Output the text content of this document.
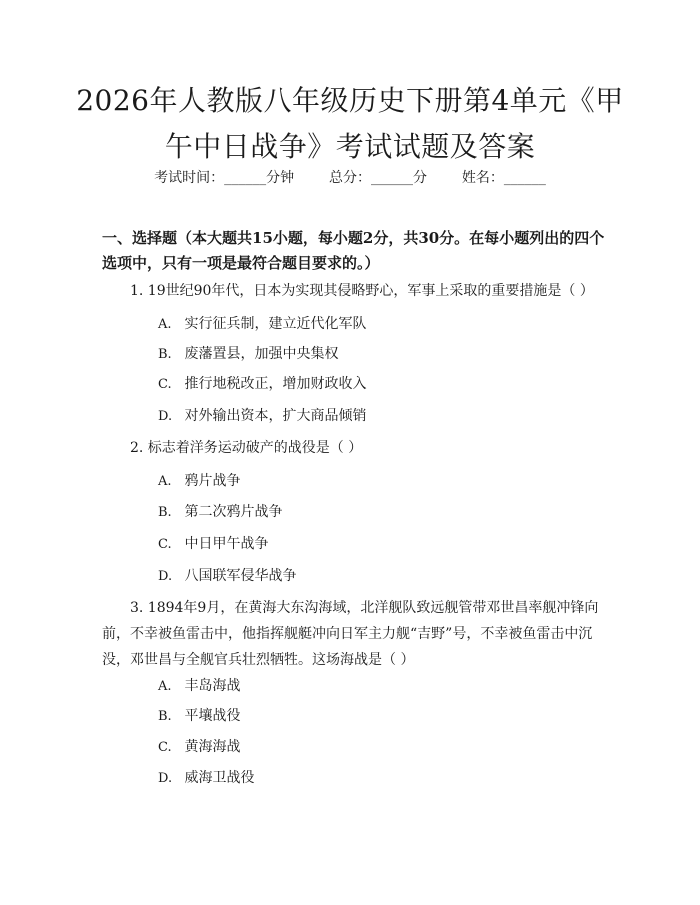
2026年人教版八年级历史下册第4单元《甲
午中日战争》考试试题及答案
考试时间：______分钟 总分：______分 姓名：______
一、选择题（本大题共15小题，每小题2分，共30分。在每小题列出的四个选项中，只有一项是最符合题目要求的。）
1. 19世纪90年代，日本为实现其侵略野心，军事上采取的重要措施是（ ）
A. 实行征兵制，建立近代化军队
B. 废藩置县，加强中央集权
C. 推行地税改正，增加财政收入
D. 对外输出资本，扩大商品倾销
2. 标志着洋务运动破产的战役是（ ）
A. 鸦片战争
B. 第二次鸦片战争
C. 中日甲午战争
D. 八国联军侵华战争
3. 1894年9月，在黄海大东沟海域，北洋舰队致远舰管带邓世昌率舰冲锋向前，不幸被鱼雷击中，他指挥舰艇冲向日军主力舰“吉野”号，不幸被鱼雷击中沉没，邓世昌与全舰官兵壮烈牺牲。这场海战是（ ）
A. 丰岛海战
B. 平壤战役
C. 黄海海战
D. 威海卫战役
